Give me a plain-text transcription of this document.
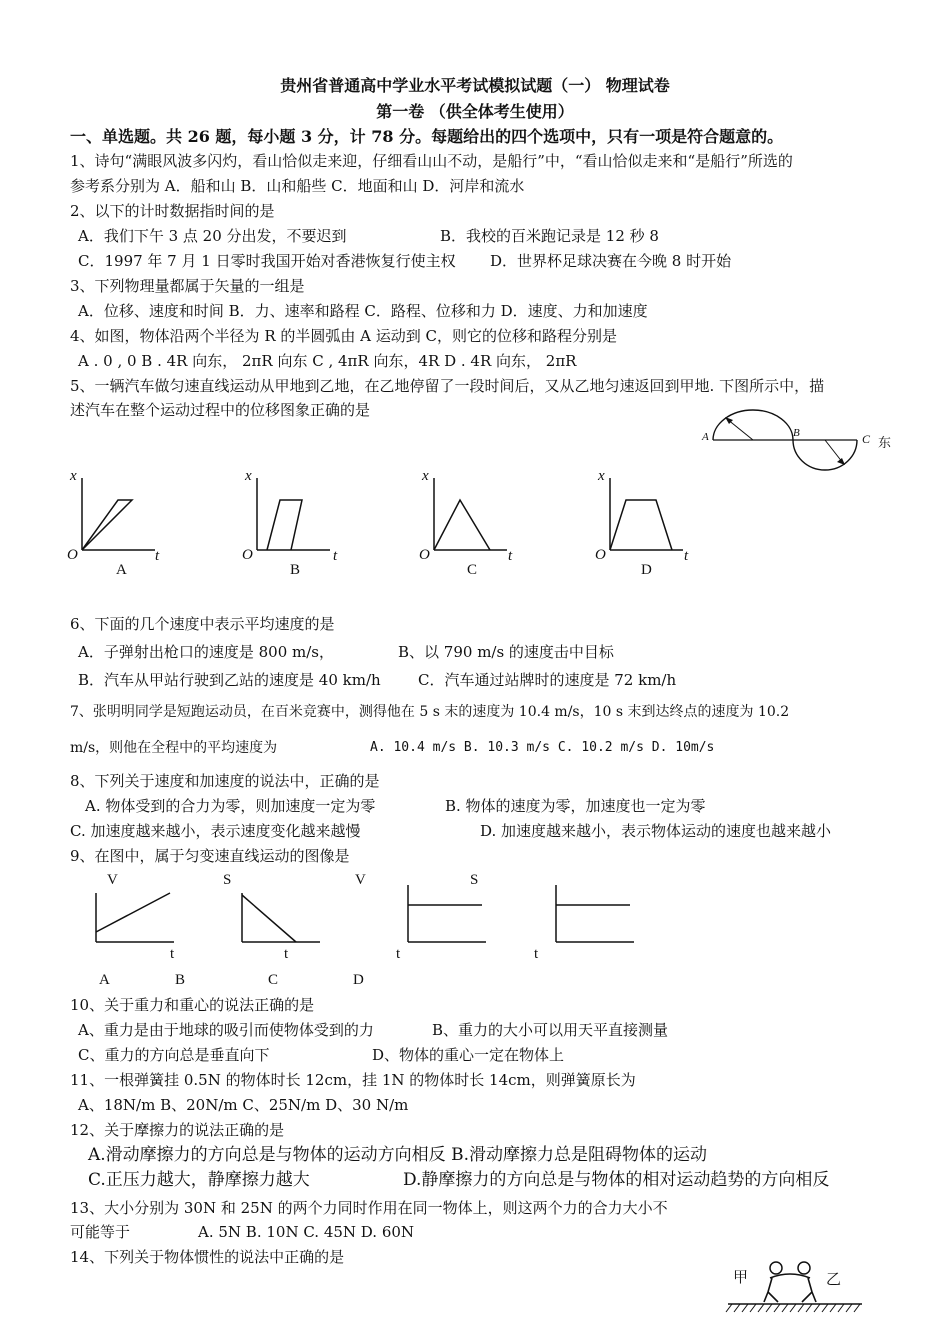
贵州省普通高中学业水平考试模拟试题（一） 物理试卷
第一卷 （供全体考生使用）
一、单选题。共 26 题，每小题 3 分，计 78 分。每题给出的四个选项中，只有一项是符合题意的。
1、诗句“满眼风波多闪灼，看山恰似走来迎，仔细看山山不动，是船行”中，“看山恰似走来和“是船行”所选的
参考系分别为 A．船和山 B．山和船些 C．地面和山 D．河岸和流水
2、以下的计时数据指时间的是
A．我们下午 3 点 20 分出发，不要迟到	B．我校的百米跑记录是 12 秒 8
C．1997 年 7 月 1 日零时我国开始对香港恢复行使主权 D．世界杯足球决赛在今晚 8 时开始
3、下列物理量都属于矢量的一组是
A．位移、速度和时间 B．力、速率和路程 C．路程、位移和力 D．速度、力和加速度
4、如图，物体沿两个半径为 R 的半圆弧由 A 运动到 C，则它的位移和路程分别是
A . 0 , 0 B . 4R 向东， 2πR 向东 C , 4πR 向东，4R D . 4R 向东， 2πR
5、一辆汽车做匀速直线运动从甲地到乙地，在乙地停留了一段时间后，又从乙地匀速返回到甲地. 下图所示中，描
述汽车在整个运动过程中的位移图象正确的是
A	B	C 东
x
t
O
A
x
t
O
B
x
t
O
C
x
t
O
D
6、下面的几个速度中表示平均速度的是
A．子弹射出枪口的速度是 800 m/s，	B、以 790 m/s 的速度击中目标
B．汽车从甲站行驶到乙站的速度是 40 km/h C．汽车通过站牌时的速度是 72 km/h
7、张明明同学是短跑运动员，在百米竞赛中，测得他在 5 s 末的速度为 10.4 m/s，10 s 末到达终点的速度为 10.2
m/s，则他在全程中的平均速度为	A. 10.4 m/s B. 10.3 m/s C. 10.2 m/s D. 10m/s
8、下列关于速度和加速度的说法中，正确的是
A. 物体受到的合力为零，则加速度一定为零	B. 物体的速度为零，加速度也一定为零
C. 加速度越来越小，表示速度变化越来越慢	D. 加速度越来越小，表示物体运动的速度也越来越小
9、在图中，属于匀变速直线运动的图像是
V
t
A
S
t
B	C	D
V
t
S
t
10、关于重力和重心的说法正确的是
A、重力是由于地球的吸引而使物体受到的力	B、重力的大小可以用天平直接测量
C、重力的方向总是垂直向下	D、物体的重心一定在物体上
11、一根弹簧挂 0.5N 的物体时长 12cm，挂 1N 的物体时长 14cm，则弹簧原长为
A、18N/m B、20N/m C、25N/m D、30 N/m
12、关于摩擦力的说法正确的是
A.滑动摩擦力的方向总是与物体的运动方向相反 B.滑动摩擦力总是阻碍物体的运动
C.正压力越大，静摩擦力越大	D.静摩擦力的方向总是与物体的相对运动趋势的方向相反
13、大小分别为 30N 和 25N 的两个力同时作用在同一物体上，则这两个力的合力大小不
可能等于	A. 5N B. 10N C. 45N D. 60N
14、下列关于物体惯性的说法中正确的是
甲	乙
